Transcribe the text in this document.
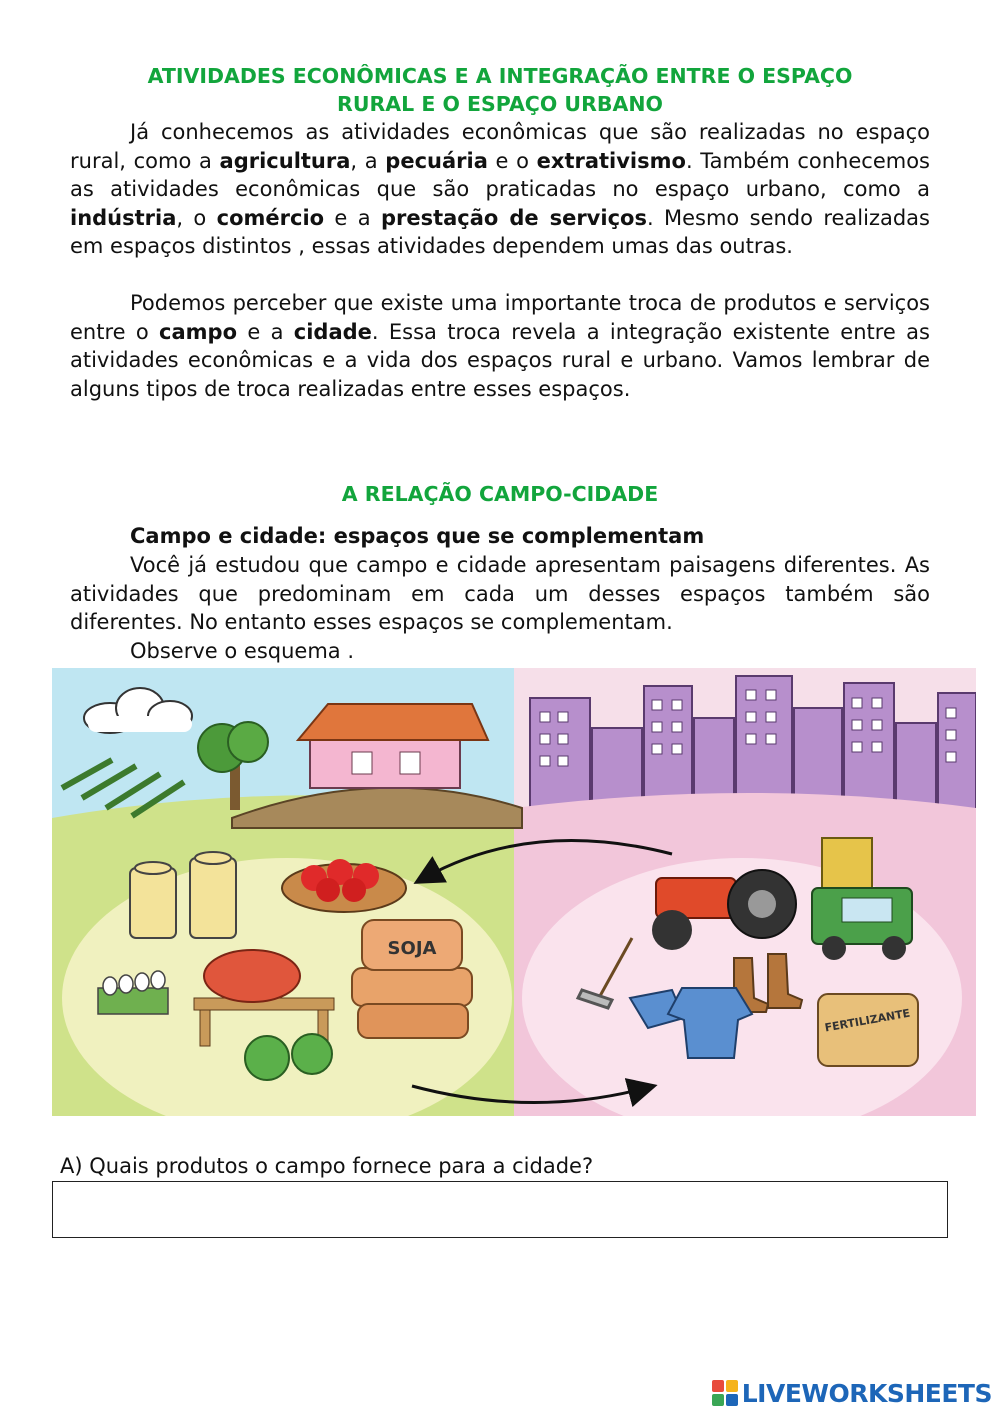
ATIVIDADES ECONÔMICAS E A INTEGRAÇÃO ENTRE O ESPAÇO
RURAL E O ESPAÇO URBANO

Já conhecemos as atividades econômicas que são realizadas no espaço rural, como a agricultura, a pecuária e o extrativismo. Também conhecemos as atividades econômicas que são praticadas no espaço urbano, como a indústria, o comércio e a prestação de serviços. Mesmo sendo realizadas em espaços distintos , essas atividades dependem umas das outras.

Podemos perceber que existe uma importante troca de produtos e serviços entre o campo e a cidade. Essa troca revela a integração existente entre as atividades econômicas e a vida dos espaços rural e urbano. Vamos lembrar de alguns tipos de troca realizadas entre esses espaços.

A RELAÇÃO CAMPO-CIDADE

Campo e cidade: espaços que se complementam

Você já estudou que campo e cidade apresentam paisagens diferentes. As atividades que predominam em cada um desses espaços também são diferentes. No entanto esses espaços se complementam.

Observe o esquema .

SOJA
FERTILIZANTE
A) Quais produtos o campo fornece para a cidade?
LIVEWORKSHEETS
